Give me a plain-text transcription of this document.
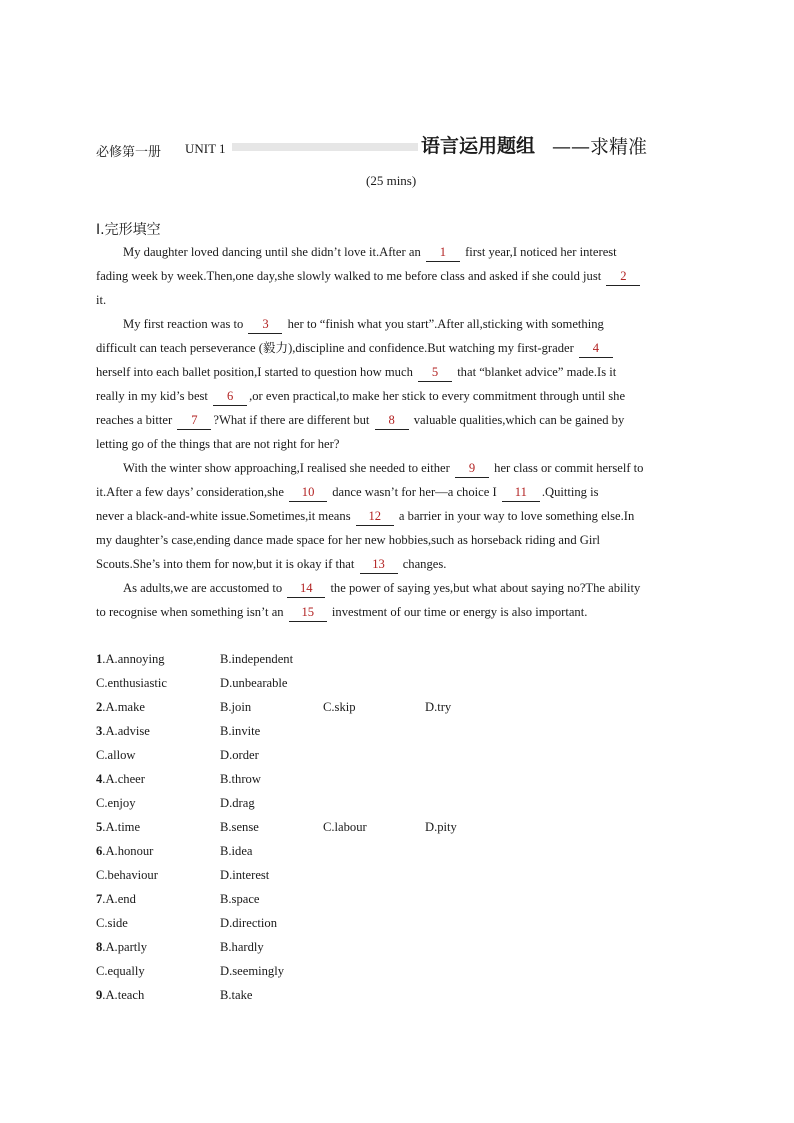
必修第一册 UNIT 1	语言运用题组 ——求精准
(25 mins)
Ⅰ.完形填空
My daughter loved dancing until she didn’t love it.After an 1 first year,I noticed her interest
fading week by week.Then,one day,she slowly walked to me before class and asked if she could just 2
it.
My first reaction was to 3 her to “finish what you start”.After all,sticking with something
difficult can teach perseverance (毅力),discipline and confidence.But watching my first-grader 4
herself into each ballet position,I started to question how much 5 that “blanket advice” made.Is it
really in my kid’s best 6 ,or even practical,to make her stick to every commitment through until she
reaches a bitter 7 ?What if there are different but 8 valuable qualities,which can be gained by
letting go of the things that are not right for her?
With the winter show approaching,I realised she needed to either 9 her class or commit herself to
it.After a few days’ consideration,she 10 dance wasn’t for her—a choice I 11 .Quitting is
never a black-and-white issue.Sometimes,it means 12 a barrier in your way to love something else.In
my daughter’s case,ending dance made space for her new hobbies,such as horseback riding and Girl
Scouts.She’s into them for now,but it is okay if that 13 changes.
As adults,we are accustomed to 14 the power of saying yes,but what about saying no?The ability
to recognise when something isn’t an 15 investment of our time or energy is also important.
1.A.annoying	B.independent
C.enthusiastic	D.unbearable
2.A.make	B.join	C.skip	D.try
3.A.advise	B.invite
C.allow	D.order
4.A.cheer	B.throw
C.enjoy	D.drag
5.A.time	B.sense	C.labour	D.pity
6.A.honour	B.idea
C.behaviour	D.interest
7.A.end	B.space
C.side	D.direction
8.A.partly	B.hardly
C.equally	D.seemingly
9.A.teach	B.take
